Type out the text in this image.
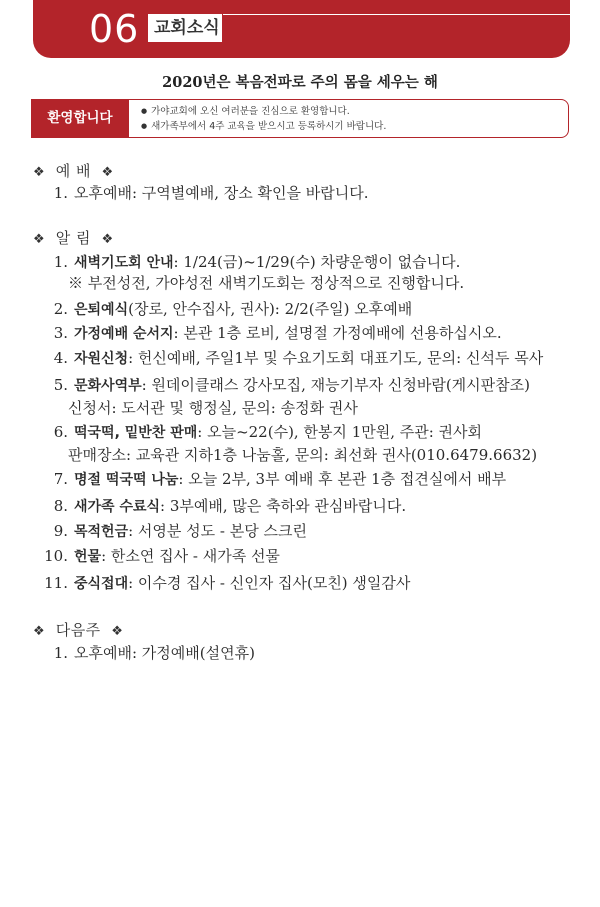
06 교회소식
2020년은 복음전파로 주의 몸을 세우는 해
환영합니다
●	가야교회에 오신 여러분을 진심으로 환영합니다.
● 새가족부에서 4주 교육을 받으시고 등록하시기 바랍니다.
❖ 예 배 ❖
1. 오후예배: 구역별예배, 장소 확인을 바랍니다.
❖ 알 림 ❖
1. 새벽기도회 안내: 1/24(금)~1/29(수) 차량운행이 없습니다.
※ 부전성전, 가야성전 새벽기도회는 정상적으로 진행합니다.
2. 은퇴예식(장로, 안수집사, 권사): 2/2(주일) 오후예배
3. 가정예배 순서지: 본관 1층 로비, 설명절 가정예배에 선용하십시오.
4. 자원신청: 헌신예배, 주일1부 및 수요기도회 대표기도, 문의: 신석두 목사
5. 문화사역부: 원데이클래스 강사모집, 재능기부자 신청바람(게시판참조)
신청서: 도서관 및 행정실, 문의: 송정화 권사
6. 떡국떡, 밑반찬 판매: 오늘~22(수), 한봉지 1만원, 주관: 권사회
판매장소: 교육관 지하1층 나눔홀, 문의: 최선화 권사(010.6479.6632)
7. 명절 떡국떡 나눔: 오늘 2부, 3부 예배 후 본관 1층 접견실에서 배부
8. 새가족 수료식: 3부예배, 많은 축하와 관심바랍니다.
9. 목적헌금: 서영분 성도 - 본당 스크린
10. 헌물: 한소연 집사 - 새가족 선물
11. 중식접대: 이수경 집사 - 신인자 집사(모친) 생일감사
❖ 다음주 ❖
1. 오후예배: 가정예배(설연휴)
